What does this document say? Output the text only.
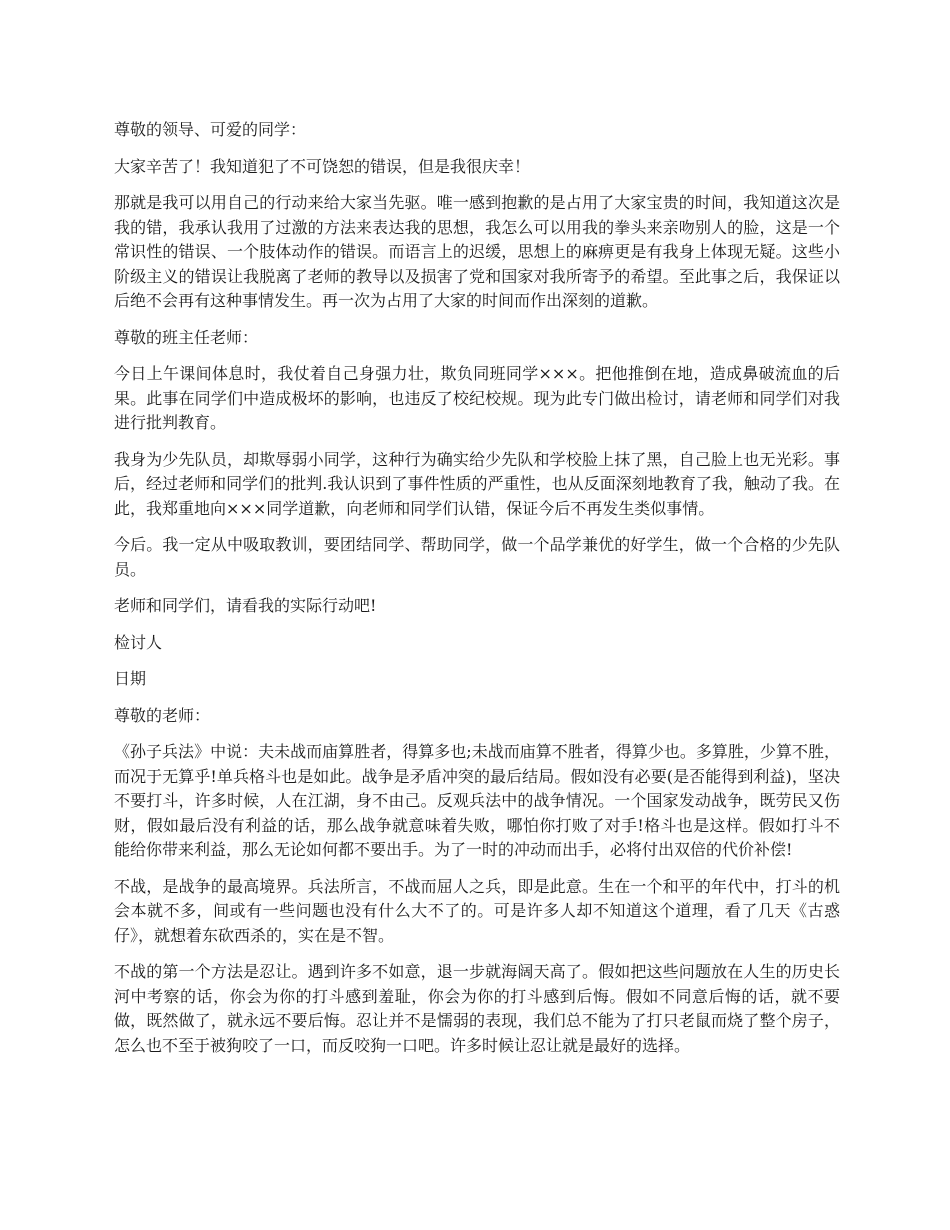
尊敬的领导、可爱的同学：

大家辛苦了！我知道犯了不可饶恕的错误，但是我很庆幸！

那就是我可以用自己的行动来给大家当先驱。唯一感到抱歉的是占用了大家宝贵的时间，我知道这次是我的错，我承认我用了过激的方法来表达我的思想，我怎么可以用我的拳头来亲吻别人的脸，这是一个常识性的错误、一个肢体动作的错误。而语言上的迟缓，思想上的麻痹更是有我身上体现无疑。这些小阶级主义的错误让我脱离了老师的教导以及损害了党和国家对我所寄予的希望。至此事之后，我保证以后绝不会再有这种事情发生。再一次为占用了大家的时间而作出深刻的道歉。

尊敬的班主任老师：

今日上午课间体息时，我仗着自己身强力壮，欺负同班同学×××。把他推倒在地，造成鼻破流血的后果。此事在同学们中造成极坏的影响，也违反了校纪校规。现为此专门做出检讨，请老师和同学们对我进行批判教育。

我身为少先队员，却欺辱弱小同学，这种行为确实给少先队和学校脸上抹了黑，自己脸上也无光彩。事后，经过老师和同学们的批判.我认识到了事件性质的严重性，也从反面深刻地教育了我，触动了我。在此，我郑重地向×××同学道歉，向老师和同学们认错，保证今后不再发生类似事情。

今后。我一定从中吸取教训，要团结同学、帮助同学，做一个品学兼优的好学生，做一个合格的少先队员。

老师和同学们，请看我的实际行动吧!

检讨人

日期

尊敬的老师：

《孙子兵法》中说：夫未战而庙算胜者，得算多也;未战而庙算不胜者，得算少也。多算胜，少算不胜，而况于无算乎!单兵格斗也是如此。战争是矛盾冲突的最后结局。假如没有必要(是否能得到利益)，坚决不要打斗，许多时候，人在江湖，身不由己。反观兵法中的战争情况。一个国家发动战争，既劳民又伤财，假如最后没有利益的话，那么战争就意味着失败，哪怕你打败了对手!格斗也是这样。假如打斗不能给你带来利益，那么无论如何都不要出手。为了一时的冲动而出手，必将付出双倍的代价补偿!

不战，是战争的最高境界。兵法所言，不战而屈人之兵，即是此意。生在一个和平的年代中，打斗的机会本就不多，间或有一些问题也没有什么大不了的。可是许多人却不知道这个道理，看了几天《古惑仔》，就想着东砍西杀的，实在是不智。

不战的第一个方法是忍让。遇到许多不如意，退一步就海阔天高了。假如把这些问题放在人生的历史长河中考察的话，你会为你的打斗感到羞耻，你会为你的打斗感到后悔。假如不同意后悔的话，就不要做，既然做了，就永远不要后悔。忍让并不是懦弱的表现，我们总不能为了打只老鼠而烧了整个房子，怎么也不至于被狗咬了一口，而反咬狗一口吧。许多时候让忍让就是最好的选择。
